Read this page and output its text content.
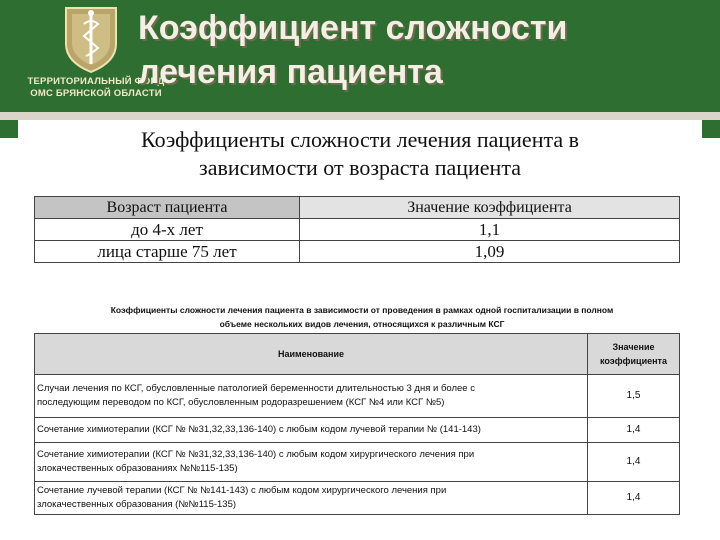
ТЕРРИТОРИАЛЬНЫЙ ФОНД
ОМС БРЯНСКОЙ ОБЛАСТИ
Коэффициент сложности
лечения пациента
Коэффициенты сложности лечения пациента в
зависимости от возраста пациента
Возраст пациента	Значение коэффициента
до 4-х лет	1,1
лица старше 75 лет	1,09
Коэффициенты сложности лечения пациента в зависимости от проведения в рамках одной госпитализации в полном
объеме нескольких видов лечения, относящихся к различным КСГ
Наименование	Значение
коэффициента

Случаи лечения по КСГ, обусловленные патологией беременности длительностью 3 дня и более с
последующим переводом по КСГ, обусловленным родоразрешением (КСГ №4 или КСГ №5)	1,5

Сочетание химиотерапии (КСГ № №31,32,33,136-140) с любым кодом лучевой терапии № (141-143)	1,4

Сочетание химиотерапии (КСГ № №31,32,33,136-140) с любым кодом хирургического лечения при
злокачественных образованиях №№115-135)	1,4

Сочетание лучевой терапии (КСГ № №141-143) с любым кодом хирургического лечения при
злокачественных образования (№№115-135)	1,4
